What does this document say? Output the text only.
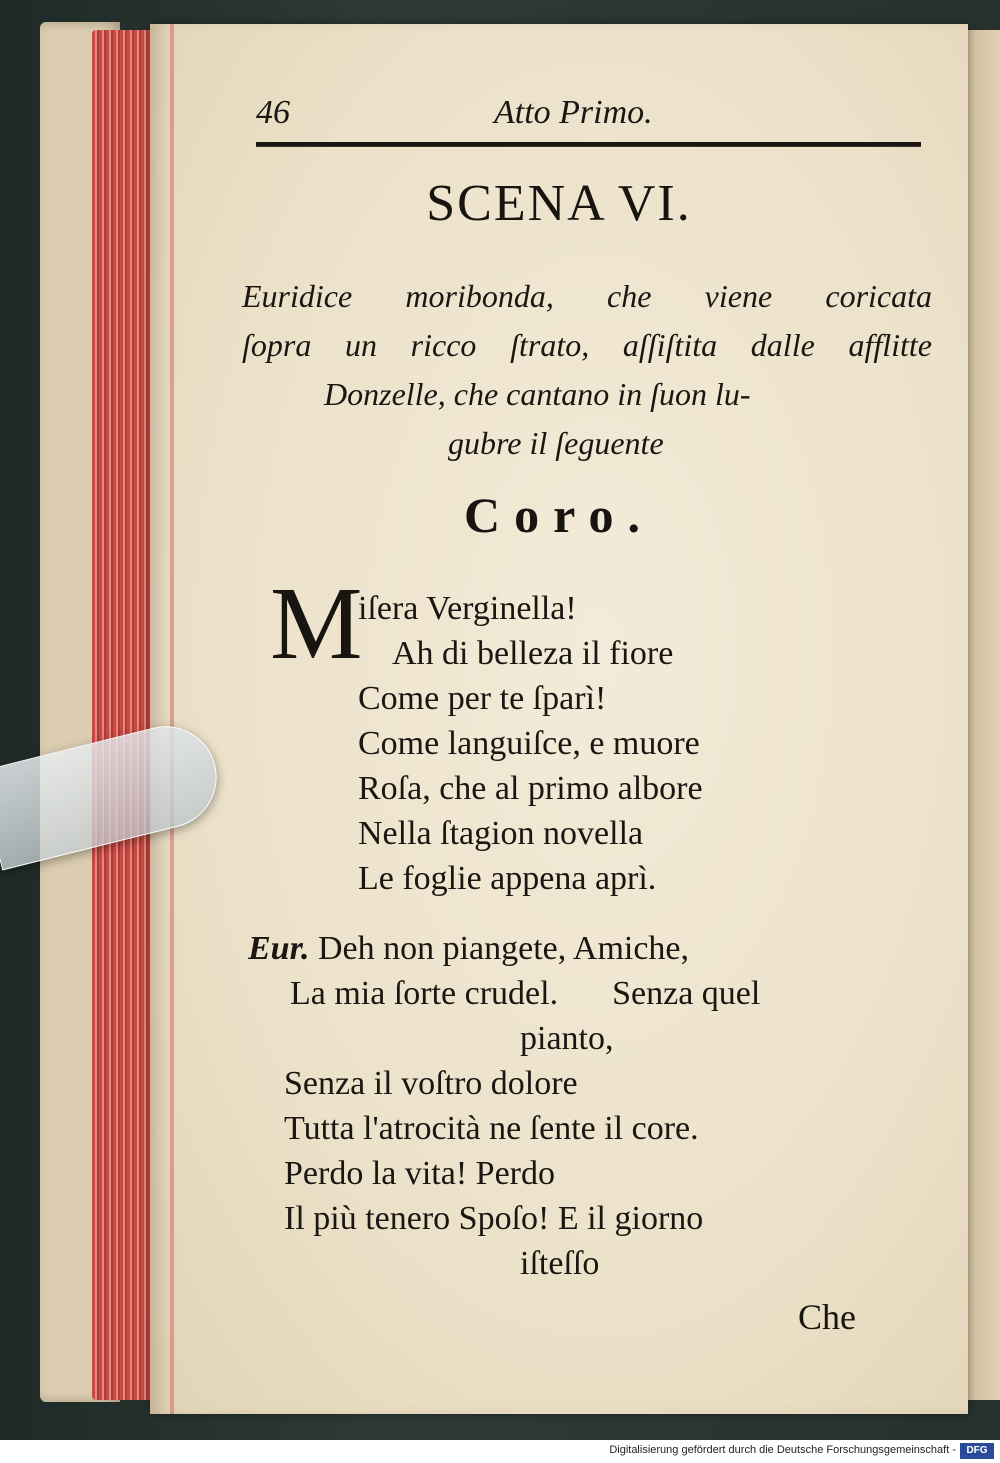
46	Atto Primo.
SCENA VI.
Euridice moribonda, che viene coricata
ſopra un ricco ſtrato, aſſiſtita dalle afflitte
Donzelle, che cantano in ſuon lu-
gubre il ſeguente
Coro.
M
iſera Verginella!
Ah di belleza il fiore
Come per te ſparì!
Come languiſce, e muore
Roſa, che al primo albore
Nella ſtagion novella
Le foglie appena aprì.
Eur. Deh non piangete, Amiche,
La mia ſorte crudel. Senza quel
pianto,
Senza il voſtro dolore
Tutta l'atrocità ne ſente il core.
Perdo la vita! Perdo
Il più tenero Spoſo! E il giorno
iſteſſo
Che
Digitalisierung gefördert durch die Deutsche Forschungsgemeinschaft -	DFG
